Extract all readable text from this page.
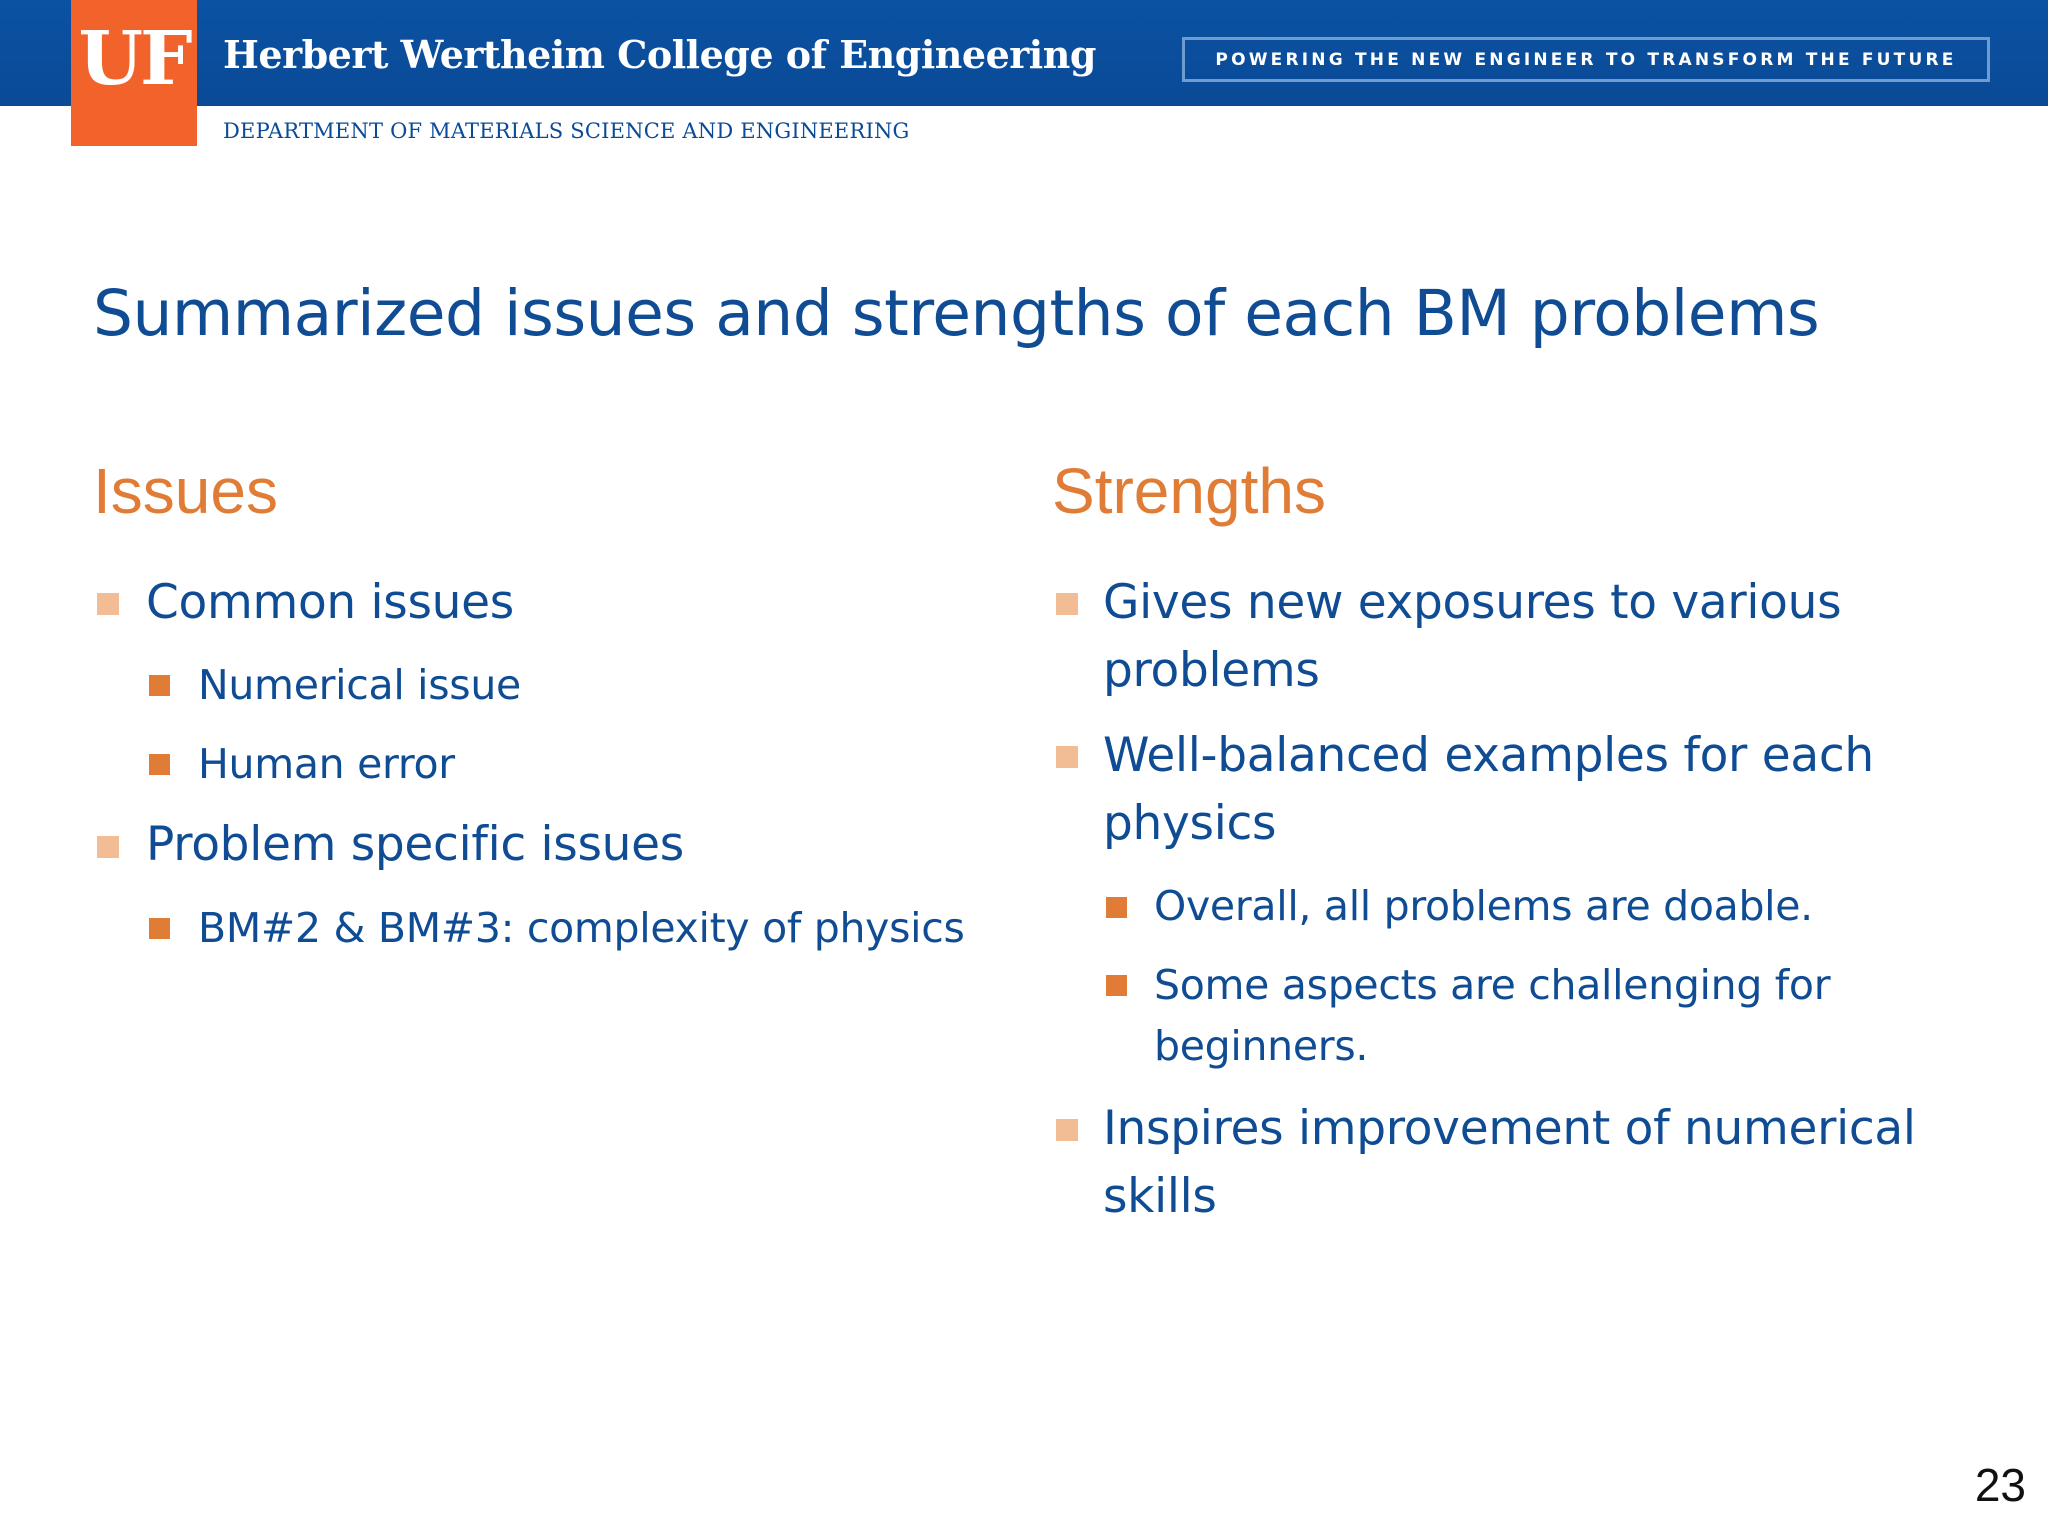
UF Herbert Wertheim College of Engineering	POWERING THE NEW ENGINEER TO TRANSFORM THE FUTURE
DEPARTMENT OF MATERIALS SCIENCE AND ENGINEERING
Summarized issues and strengths of each BM problems
Issues
Common issues
Numerical issue
Human error
Problem specific issues
BM#2 & BM#3: complexity of physics
Strengths
Gives new exposures to various
problems
Well-balanced examples for each
physics
Overall, all problems are doable.
Some aspects are challenging for
beginners.
Inspires improvement of numerical
skills
23
